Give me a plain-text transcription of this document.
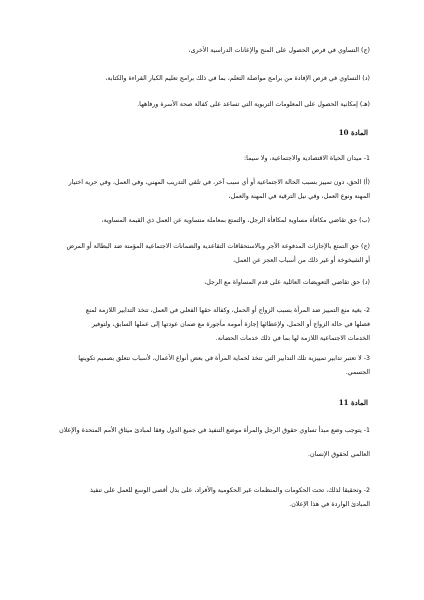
(ج) التساوي في فرص الحصول على المنح والإعانات الدراسية الأخرى،

(د) التساوي في فرص الإفادة من برامج مواصلة التعلم، بما في ذلك برامج تعليم الكبار القراءة والكتابة،

(هـ) إمكانية الحصول على المعلومات التربوية التي تساعد على كفالة صحة الأسرة ورفاهها.

المادة 10

1- ميدان الحياة الاقتصادية والاجتماعية، ولا سيما:

(أ) الحق، دون تمييز بسبب الحالة الاجتماعية أو أي سبب آخر، في تلقي التدريب المهني، وفي العمل، وفي حرية اختيار
المهنة ونوع العمل، وفي نيل الترقية في المهنة والعمل،

(ب) حق تقاضي مكافأة مساوية لمكافأة الرجل، والتمتع بمعاملة متساوية عن العمل ذي القيمة المساوية،

(ج) حق التمتع بالإجازات المدفوعة الأجر وبالاستحقاقات التقاعدية والضمانات الاجتماعية المؤمنة ضد البطالة أو المرض
أو الشيخوخة أو غير ذلك من أسباب العجز عن العمل،

(د) حق تقاضي التعويضات العائلية على قدم المساواة مع الرجل،

2- بغية منع التمييز ضد المرأة بسبب الزواج أو الحمل، وكفالة حقها الفعلي في العمل، تتخذ التدابير اللازمة لمنع
فصلها في حالة الزواج أو الحمل، ولإعطائها إجازة أمومة مأجورة مع ضمان عودتها إلى عملها السابق، ولتوفير
الخدمات الاجتماعية اللازمة لها بما في ذلك خدمات الحضانة.

3- لا تعتبر تدابير تمييزية تلك التدابير التي تتخذ لحماية المرأة في بعض أنواع الأعمال، لأسباب تتعلق بصميم تكوينها
الجسمي.

المادة 11

1- يتوجب وضع مبدأ تساوي حقوق الرجل والمرأة موضع التنفيذ في جميع الدول وفقا لمبادئ ميثاق الأمم المتحدة والإعلان
العالمي لحقوق الإنسان.

2- وتحقيقا لذلك، تحث الحكومات والمنظمات غير الحكومية والأفراد، على بذل أقصى الوسع للعمل على تنفيذ
المبادئ الواردة في هذا الإعلان.
